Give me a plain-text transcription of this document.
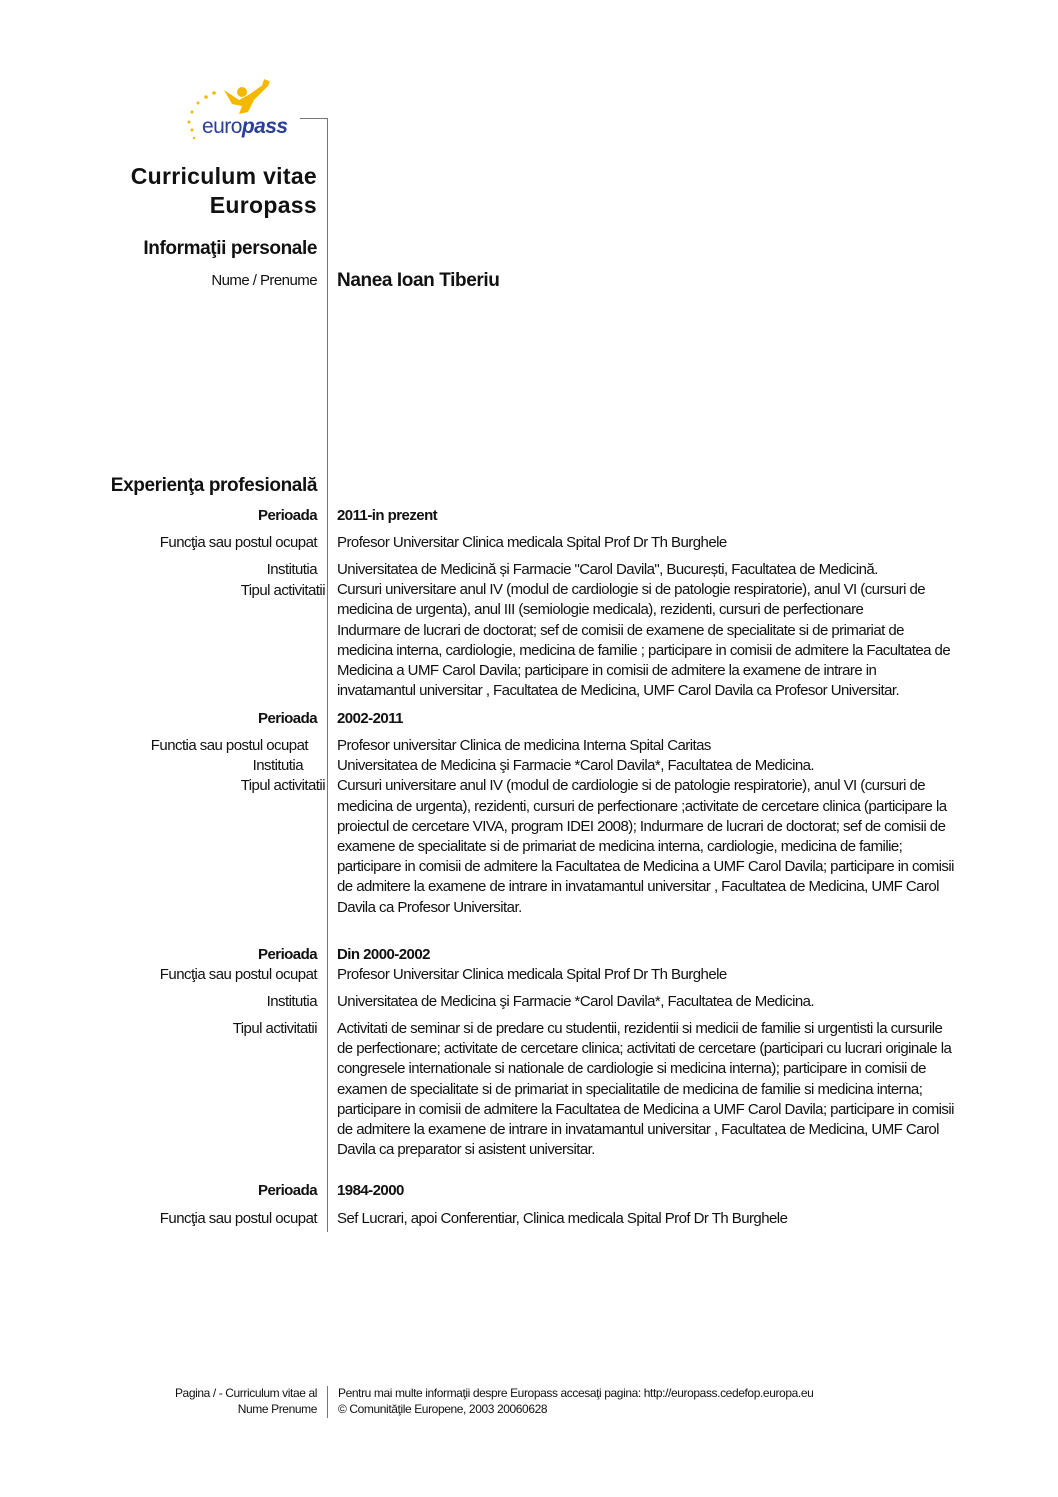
europass
Curriculum vitae
Europass
Informaţii personale
Nume / Prenume Nanea Ioan Tiberiu
Experienţa profesională
Perioada 2011-in prezent
Funcţia sau postul ocupat Profesor Universitar Clinica medicala Spital Prof Dr Th Burghele
Institutia
Tipul activitatii
Universitatea de Medicină și Farmacie "Carol Davila", București, Facultatea de Medicină.
Cursuri universitare anul IV (modul de cardiologie si de patologie respiratorie), anul VI (cursuri de
medicina de urgenta), anul III (semiologie medicala), rezidenti, cursuri de perfectionare
Indurmare de lucrari de doctorat; sef de comisii de examene de specialitate si de primariat de
medicina interna, cardiologie, medicina de familie ; participare in comisii de admitere la Facultatea de
Medicina a UMF Carol Davila; participare in comisii de admitere la examene de intrare in
invatamantul universitar , Facultatea de Medicina, UMF Carol Davila ca Profesor Universitar.
Perioada 2002-2011
Functia sau postul ocupat
Institutia
Tipul activitatii
Profesor universitar Clinica de medicina Interna Spital Caritas
Universitatea de Medicina şi Farmacie *Carol Davila*, Facultatea de Medicina.
Cursuri universitare anul IV (modul de cardiologie si de patologie respiratorie), anul VI (cursuri de
medicina de urgenta), rezidenti, cursuri de perfectionare ;activitate de cercetare clinica (participare la
proiectul de cercetare VIVA, program IDEI 2008); Indurmare de lucrari de doctorat; sef de comisii de
examene de specialitate si de primariat de medicina interna, cardiologie, medicina de familie;
participare in comisii de admitere la Facultatea de Medicina a UMF Carol Davila; participare in comisii
de admitere la examene de intrare in invatamantul universitar , Facultatea de Medicina, UMF Carol
Davila ca Profesor Universitar.
Perioada Din 2000-2002
Funcţia sau postul ocupat Profesor Universitar Clinica medicala Spital Prof Dr Th Burghele
Institutia Universitatea de Medicina şi Farmacie *Carol Davila*, Facultatea de Medicina.
Tipul activitatii Activitati de seminar si de predare cu studentii, rezidentii si medicii de familie si urgentisti la cursurile
de perfectionare; activitate de cercetare clinica; activitati de cercetare (participari cu lucrari originale la
congresele internationale si nationale de cardiologie si medicina interna); participare in comisii de
examen de specialitate si de primariat in specialitatile de medicina de familie si medicina interna;
participare in comisii de admitere la Facultatea de Medicina a UMF Carol Davila; participare in comisii
de admitere la examene de intrare in invatamantul universitar , Facultatea de Medicina, UMF Carol
Davila ca preparator si asistent universitar.
Perioada 1984-2000
Funcţia sau postul ocupat Sef Lucrari, apoi Conferentiar, Clinica medicala Spital Prof Dr Th Burghele
Pagina / - Curriculum vitae al
Nume Prenume
Pentru mai multe informaţii despre Europass accesaţi pagina: http://europass.cedefop.europa.eu
© Comunităţile Europene, 2003 20060628
